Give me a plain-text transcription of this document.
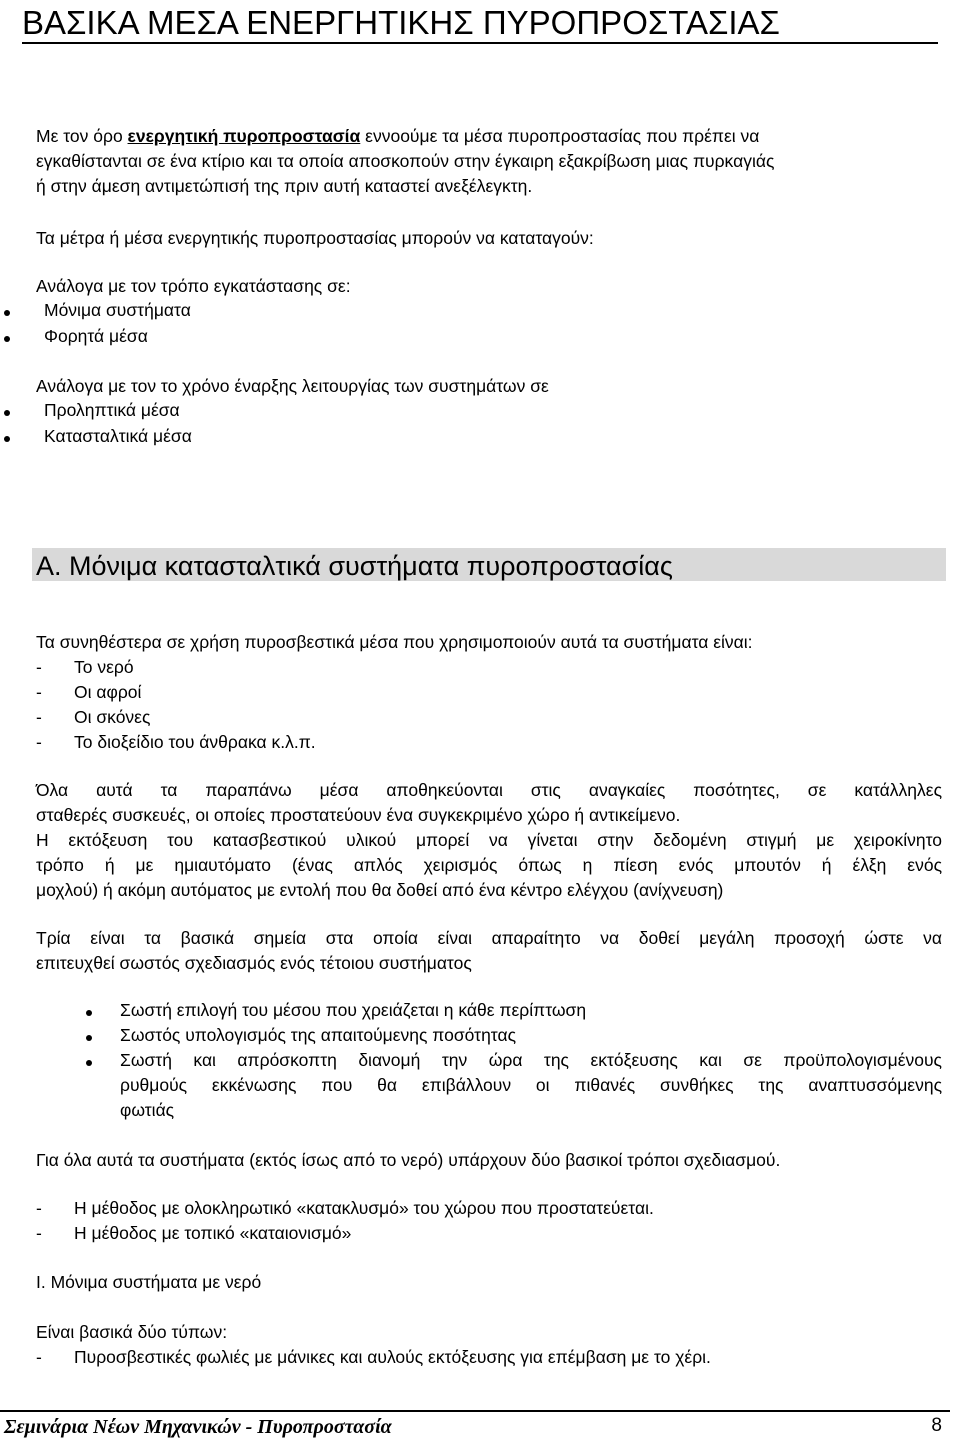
ΒΑΣΙΚΑ ΜΕΣΑ ΕΝΕΡΓΗΤΙΚΗΣ ΠΥΡΟΠΡΟΣΤΑΣΙΑΣ
Με τον όρο ενεργητική πυροπροστασία εννοούμε τα μέσα πυροπροστασίας που πρέπει να
εγκαθίστανται σε ένα κτίριο και τα οποία αποσκοπούν στην έγκαιρη εξακρίβωση μιας πυρκαγιάς
ή στην άμεση αντιμετώπισή της πριν αυτή καταστεί ανεξέλεγκτη.
Τα μέτρα ή μέσα ενεργητικής πυροπροστασίας μπορούν να καταταγούν:
Ανάλογα με τον τρόπο εγκατάστασης σε:
Μόνιμα συστήματα
Φορητά μέσα
Ανάλογα με τον το χρόνο έναρξης λειτουργίας των συστημάτων σε
Προληπτικά μέσα
Κατασταλτικά μέσα
Α. Μόνιμα κατασταλτικά συστήματα πυροπροστασίας
Τα συνηθέστερα σε χρήση πυροσβεστικά μέσα που χρησιμοποιούν αυτά τα συστήματα είναι:
- Το νερό
- Οι αφροί
- Οι σκόνες
- Το διοξείδιο του άνθρακα κ.λ.π.
Όλα αυτά τα παραπάνω μέσα αποθηκεύονται στις αναγκαίες ποσότητες, σε κατάλληλες
σταθερές συσκευές, οι οποίες προστατεύουν ένα συγκεκριμένο χώρο ή αντικείμενο.
Η εκτόξευση του κατασβεστικού υλικού μπορεί να γίνεται στην δεδομένη στιγμή με χειροκίνητο
τρόπο ή με ημιαυτόματο (ένας απλός χειρισμός όπως η πίεση ενός μπουτόν ή έλξη ενός
μοχλού) ή ακόμη αυτόματος με εντολή που θα δοθεί από ένα κέντρο ελέγχου (ανίχνευση)
Τρία είναι τα βασικά σημεία στα οποία είναι απαραίτητο να δοθεί μεγάλη προσοχή ώστε να
επιτευχθεί σωστός σχεδιασμός ενός τέτοιου συστήματος
Σωστή επιλογή του μέσου που χρειάζεται η κάθε περίπτωση
Σωστός υπολογισμός της απαιτούμενης ποσότητας
Σωστή και απρόσκοπτη διανομή την ώρα της εκτόξευσης και σε προϋπολογισμένους
ρυθμούς εκκένωσης που θα επιβάλλουν οι πιθανές συνθήκες της αναπτυσσόμενης
φωτιάς
Για όλα αυτά τα συστήματα (εκτός ίσως από το νερό) υπάρχουν δύο βασικοί τρόποι σχεδιασμού.
- Η μέθοδος με ολοκληρωτικό «κατακλυσμό» του χώρου που προστατεύεται.
- Η μέθοδος με τοπικό «καταιονισμό»
Ι. Μόνιμα συστήματα με νερό
Είναι βασικά δύο τύπων:
- Πυροσβεστικές φωλιές με μάνικες και αυλούς εκτόξευσης για επέμβαση με το χέρι.
Σεμινάρια Νέων Μηχανικών - Πυροπροστασία	8
